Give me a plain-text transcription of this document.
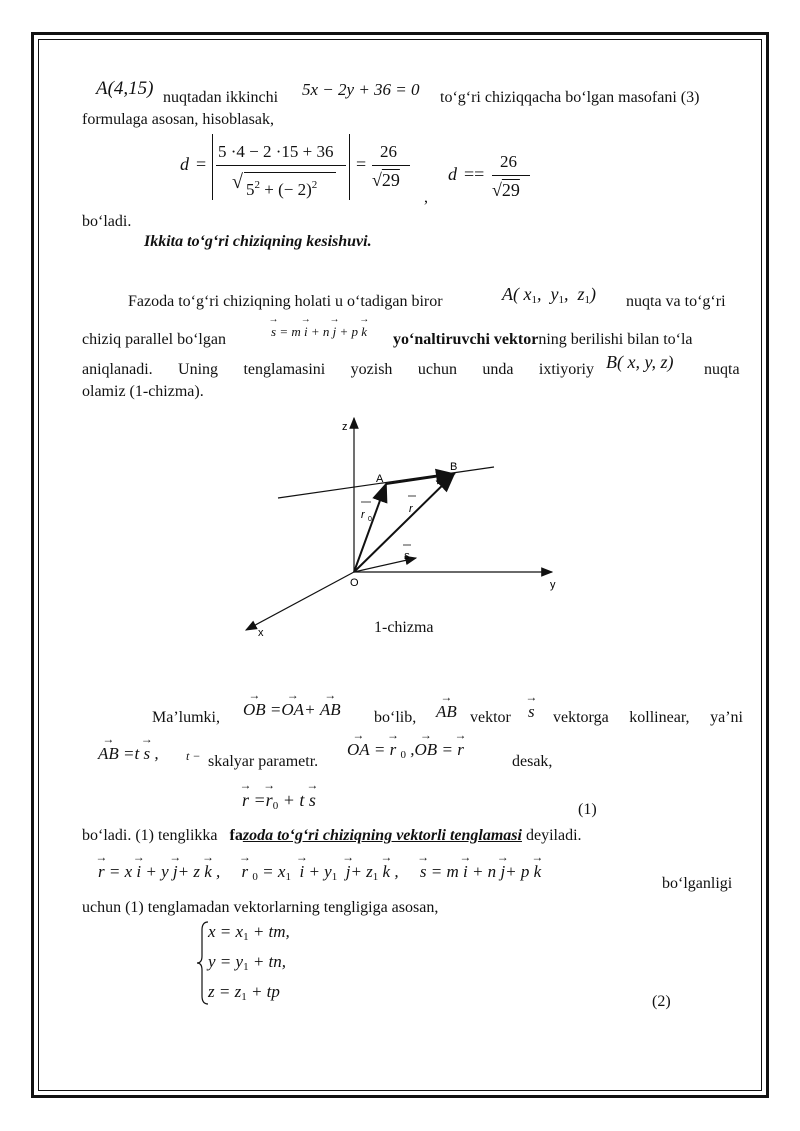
A(4,15) nuqtadan ikkinchi 5x − 2y + 36 = 0 to‘g‘ri chiziqqacha bo‘lgan masofani (3)
formulaga asosan, hisoblasak,
d =
5 ·4 − 2 ·15 + 36
√ $5^2$ + (− 2)$^2$
=
26
√29
,
d ==
26
√29
bo‘ladi.
Ikkita to‘g‘ri chiziqning kesishuvi.
Fazoda to‘g‘ri chiziqning holati u o‘tadigan biror	A( $x_1$,  $y_1$,  $z_1$) nuqta va to‘g‘ri
chiziq parallel bo‘lgan	→ s = m → i + n → j + p → k yo‘naltiruvchi vektorning berilishi bilan to‘la
aniqlanadi. Uning tenglamasini yozish uchun unda ixtiyoriy B( x, y, z) nuqta
olamiz (1-chizma).
z
y
x
O
A
B
r 0
r
s
1-chizma
Ma’lumki, → OB =→ OA+ → AB bo‘lib, → AB vektor → s vektorga kollinear, ya’ni
→ AB =t → s , t − skalyar parametr.
→ OA = → r $_0$ ,→ OB = → r
desak,
→ $r =\to r_0 + t \to s$	(1)
bo‘ladi. (1) tenglikka fazoda to‘g‘ri chiziqning vektorli tenglamasi deyiladi.
→ r = x → i + y → j+ z → k ,     → r $_0 = x_1 \to i + y_1 \to j+ z_1 \to k$ ,     → s = m → i + n → j+ p → k
bo‘lganligi
uchun (1) tenglamadan vektorlarning tengligiga asosan,
$x = x_1$ + tm,
$y = y_1$ + tn,
$z = z_1$ + tp
(2)
